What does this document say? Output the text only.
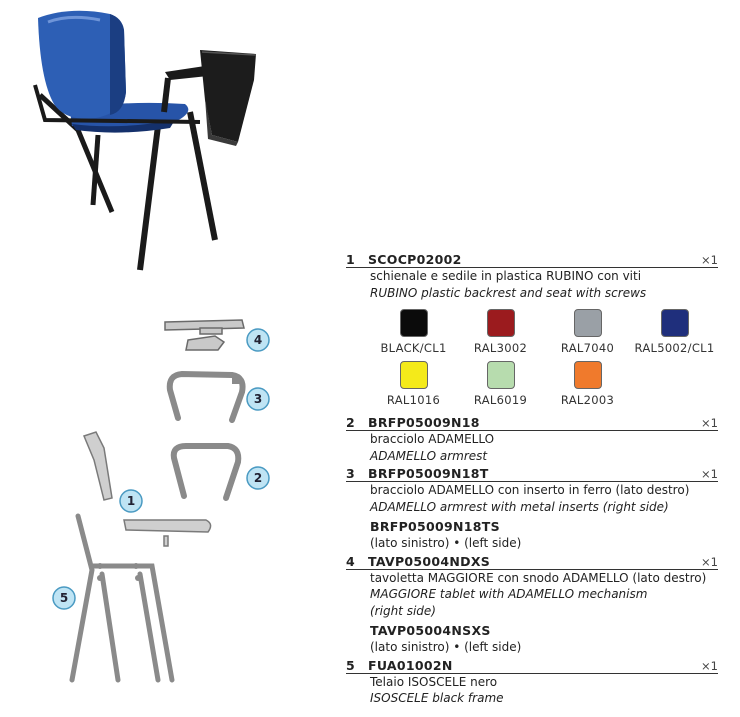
4
3
2
1
5
1	SCOCP02002	×1
schienale e sedile in plastica RUBINO con viti
RUBINO plastic backrest and seat with screws
BLACK/CL1 RAL3002	RAL7040 RAL5002/CL1
RAL1016	RAL6019	RAL2003
2	BRFP05009N18	×1
bracciolo ADAMELLO
ADAMELLO armrest
3	BRFP05009N18T	×1
bracciolo ADAMELLO con inserto in ferro (lato destro)
ADAMELLO armrest with metal inserts (right side)
BRFP05009N18TS
(lato sinistro) • (left side)
4	TAVP05004NDXS	×1
tavoletta MAGGIORE con snodo ADAMELLO (lato destro)
MAGGIORE tablet with ADAMELLO mechanism
(right side)
TAVP05004NSXS
(lato sinistro) • (left side)
5	FUA01002N	×1
Telaio ISOSCELE nero
ISOSCELE black frame
